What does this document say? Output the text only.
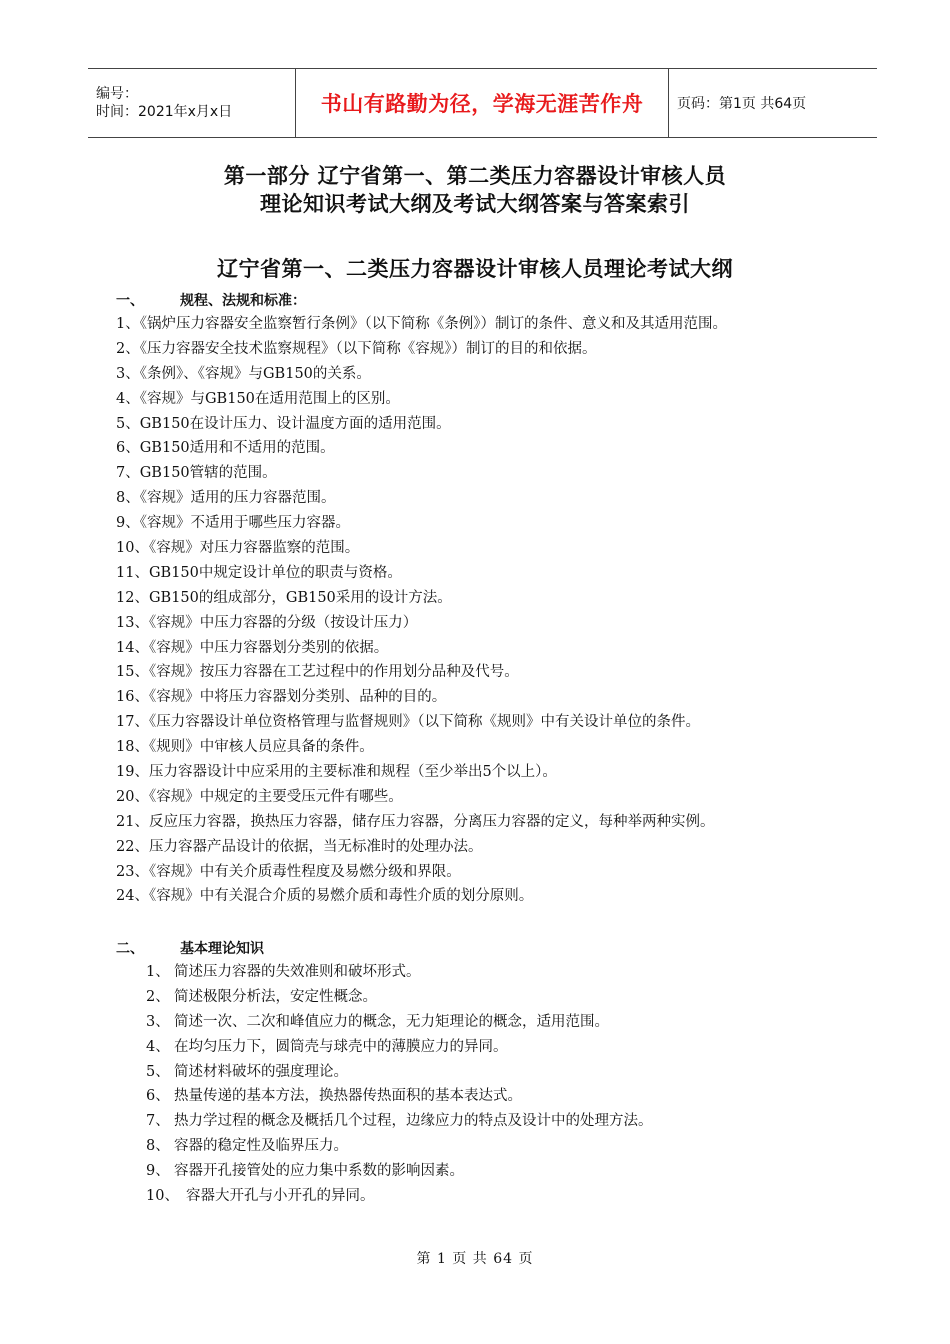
编号：
时间：2021年x月x日	书山有路勤为径，学海无涯苦作舟 页码：第1页 共64页
第一部分 辽宁省第一、第二类压力容器设计审核人员
理论知识考试大纲及考试大纲答案与答案索引
辽宁省第一、二类压力容器设计审核人员理论考试大纲
一、	规程、法规和标准：
1、《锅炉压力容器安全监察暂行条例》（以下简称《条例》）制订的条件、意义和及其适用范围。
2、《压力容器安全技术监察规程》（以下简称《容规》）制订的目的和依据。
3、《条例》、《容规》与GB150的关系。
4、《容规》与GB150在适用范围上的区别。
5、GB150在设计压力、设计温度方面的适用范围。
6、GB150适用和不适用的范围。
7、GB150管辖的范围。
8、《容规》适用的压力容器范围。
9、《容规》不适用于哪些压力容器。
10、《容规》对压力容器监察的范围。
11、GB150中规定设计单位的职责与资格。
12、GB150的组成部分，GB150采用的设计方法。
13、《容规》中压力容器的分级（按设计压力）
14、《容规》中压力容器划分类别的依据。
15、《容规》按压力容器在工艺过程中的作用划分品种及代号。
16、《容规》中将压力容器划分类别、品种的目的。
17、《压力容器设计单位资格管理与监督规则》（以下简称《规则》中有关设计单位的条件。
18、《规则》中审核人员应具备的条件。
19、压力容器设计中应采用的主要标准和规程（至少举出5个以上）。
20、《容规》中规定的主要受压元件有哪些。
21、反应压力容器，换热压力容器，储存压力容器，分离压力容器的定义，每种举两种实例。
22、压力容器产品设计的依据，当无标准时的处理办法。
23、《容规》中有关介质毒性程度及易燃分级和界限。
24、《容规》中有关混合介质的易燃介质和毒性介质的划分原则。
二、	基本理论知识
1、 简述压力容器的失效准则和破坏形式。
2、 简述极限分析法，安定性概念。
3、 简述一次、二次和峰值应力的概念，无力矩理论的概念，适用范围。
4、 在均匀压力下，圆筒壳与球壳中的薄膜应力的异同。
5、 简述材料破坏的强度理论。
6、 热量传递的基本方法，换热器传热面积的基本表达式。
7、 热力学过程的概念及概括几个过程，边缘应力的特点及设计中的处理方法。
8、 容器的稳定性及临界压力。
9、 容器开孔接管处的应力集中系数的影响因素。
10、 容器大开孔与小开孔的异同。
第 1 页 共 64 页
